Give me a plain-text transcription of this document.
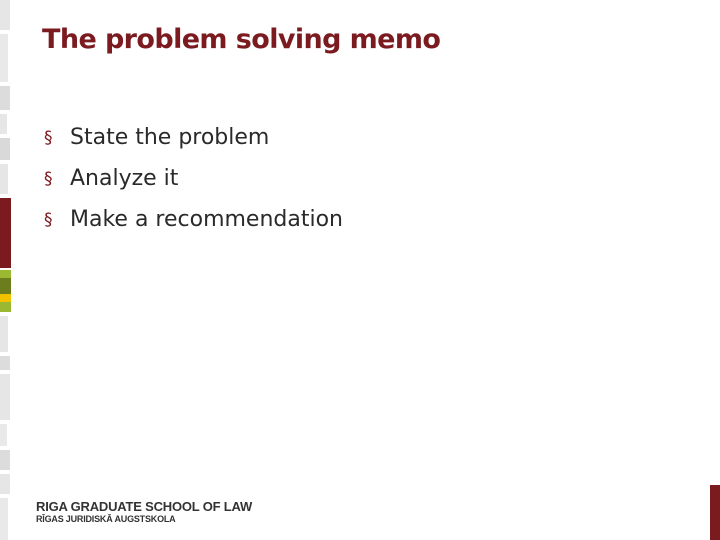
The problem solving memo
§ State the problem
§ Analyze it
§ Make a recommendation
RIGA GRADUATE SCHOOL OF LAW
RĪGAS JURIDISKĀ AUGSTSKOLA
